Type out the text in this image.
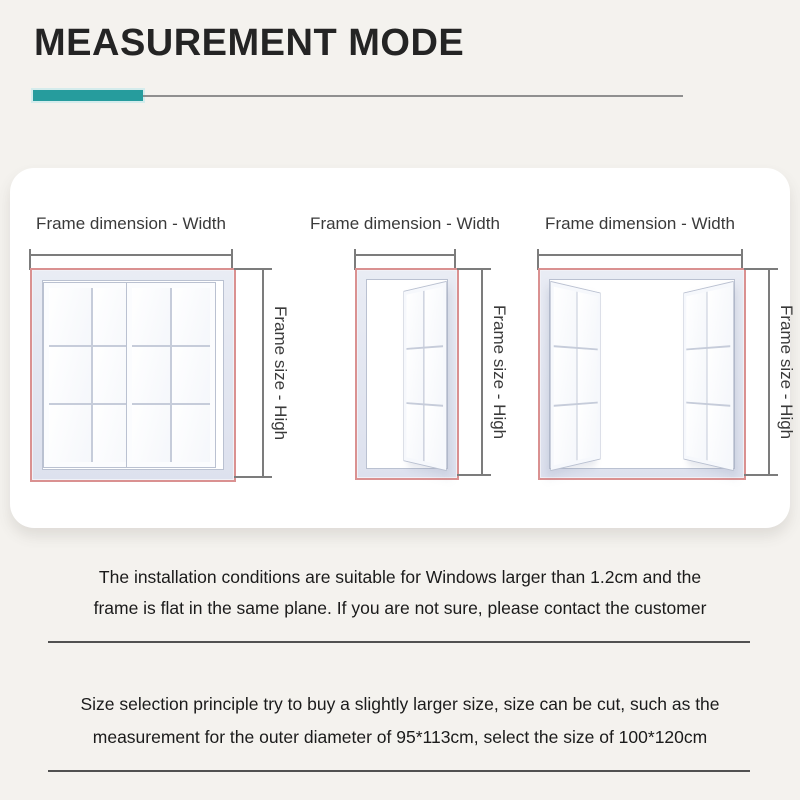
MEASUREMENT MODE
Frame dimension - Width
Frame size - High
Frame dimension - Width
Frame size - High
Frame dimension - Width
Frame size - High
The installation conditions are suitable for Windows larger than 1.2cm and the
frame is flat in the same plane. If you are not sure, please contact the customer
Size selection principle try to buy a slightly larger size, size can be cut, such as the
measurement for the outer diameter of 95*113cm, select the size of 100*120cm
